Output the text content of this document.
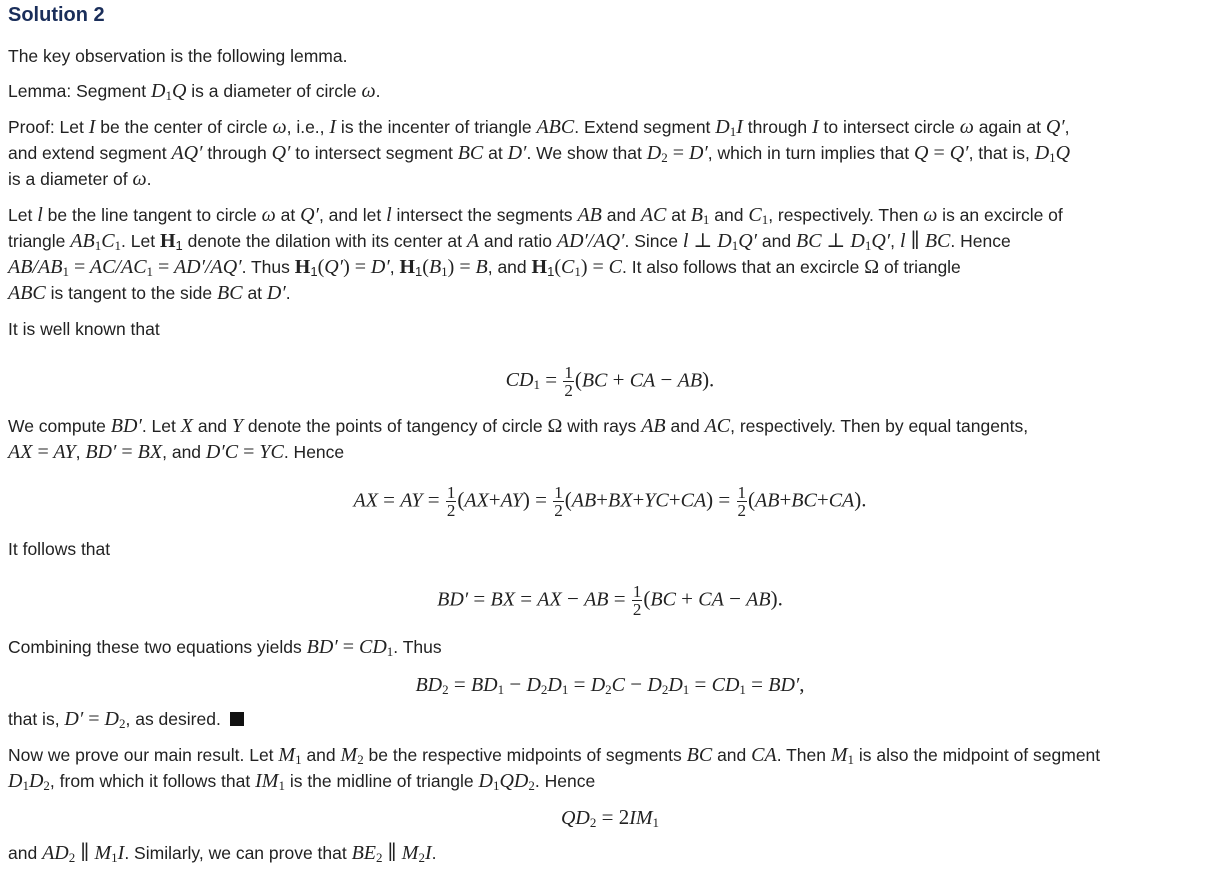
Solution 2
The key observation is the following lemma.
Lemma: Segment $D_1Q$ is a diameter of circle ω.
Proof: Let I be the center of circle ω, i.e., I is the incenter of triangle ABC. Extend segment $D_1I$ through I to intersect circle ω again at Q′,
and extend segment AQ′ through Q′ to intersect segment BC at D′. We show that $D_2 = D'$, which in turn implies that Q = Q′, that is, $D_1Q$
is a diameter of ω.
Let l be the line tangent to circle ω at Q′, and let l intersect the segments AB and AC at $B_1$ and $C_1$, respectively. Then ω is an excircle of
triangle $AB_1C_1$. Let $H_1$ denote the dilation with its center at A and ratio AD′/AQ′. Since l ⊥ $D_1Q'$ and BC ⊥ $D_1Q'$, l ∥ BC. Hence
$AB/AB_1 = AC/AC_1 = AD'/AQ'$. Thus $H_1(Q') = D'$, $H_1(B_1) = B$, and $H_1(C_1) = C$. It also follows that an excircle Ω of triangle
ABC is tangent to the side BC at D′.
It is well known that
$CD_1 = \frac{1}{2} (BC$ + CA − AB).
We compute BD′. Let X and Y denote the points of tangency of circle Ω with rays AB and AC, respectively. Then by equal tangents,
AX = AY, BD′ = BX, and D′C = YC. Hence
AX = AY = $\frac{1}{2} (AX+AY) = \frac{1}{2} (AB+BX+YC+CA) = \frac{1}{2} (AB+BC+CA)$.
It follows that
BD′ = BX = AX − AB = $\frac{1}{2} (BC$ + CA − AB).
Combining these two equations yields $BD' = CD_1$. Thus
$BD_2 = BD_1 - D_2D_1 = D_2C - D_2D_1 = CD_1 = BD'$,
that is, $D' = D_2$, as desired.
Now we prove our main result. Let $M_1$ and $M_2$ be the respective midpoints of segments BC and CA. Then $M_1$ is also the midpoint of segment
$D_1D_2$, from which it follows that $IM_1$ is the midline of triangle $D_1QD_2$. Hence
$QD_2 = 2IM_1$
and $AD_2$ ∥ $M_1I$. Similarly, we can prove that $BE_2$ ∥ $M_2I$.
